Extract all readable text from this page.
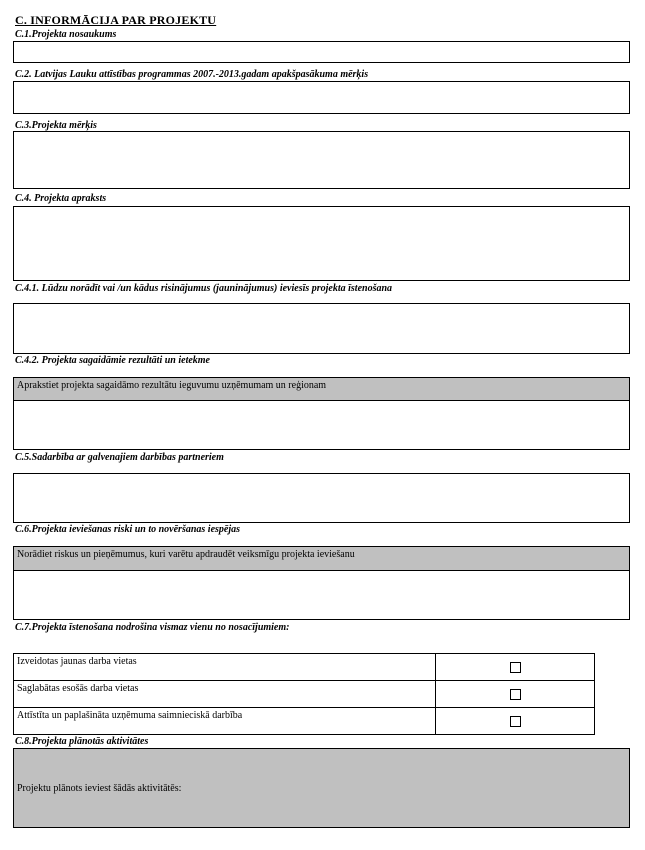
C. INFORMĀCIJA PAR PROJEKTU
C.1.Projekta nosaukums
C.2. Latvijas Lauku attīstības programmas 2007.-2013.gadam apakšpasākuma mērķis
C.3.Projekta mērķis
C.4. Projekta apraksts
C.4.1. Lūdzu norādīt vai /un kādus risinājumus (jauninājumus) ieviesīs projekta īstenošana
C.4.2. Projekta sagaidāmie rezultāti un ietekme
Aprakstiet projekta sagaidāmo rezultātu ieguvumu uzņēmumam un reģionam
C.5.Sadarbība ar galvenajiem darbības partneriem
C.6.Projekta ieviešanas riski un to novēršanas iespējas
Norādiet riskus un pieņēmumus, kuri varētu apdraudēt veiksmīgu projekta ieviešanu
C.7.Projekta īstenošana nodrošina vismaz vienu no nosacījumiem:
Izveidotas jaunas darba vietas	
Saglabātas esošās darba vietas	
Attīstīta un paplašināta uzņēmuma saimnieciskā darbība	
C.8.Projekta plānotās aktivitātes
Projektu plānots ieviest šādās aktivitātēs:
